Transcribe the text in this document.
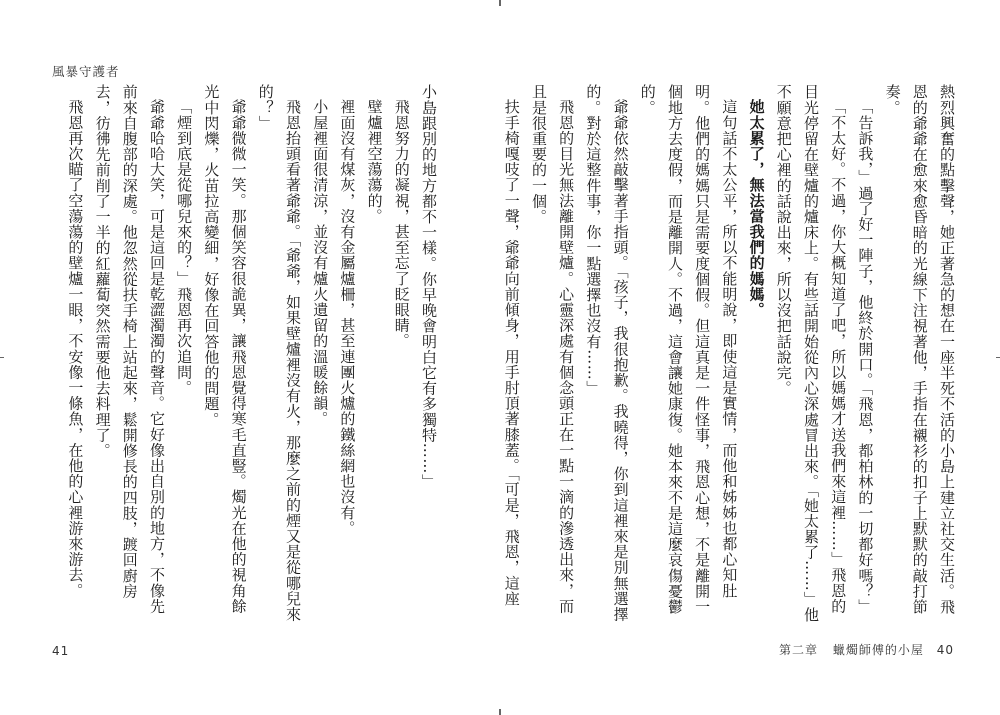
風暴守護者

小島跟別的地方都不一樣。你早晚會明白它有多獨特……」

飛恩努力的凝視，甚至忘了眨眼睛。

壁爐裡空蕩蕩的。

裡面沒有煤灰，沒有金屬爐柵，甚至連團火爐的鐵絲網也沒有。

小屋裡面很清涼，並沒有爐火遺留的溫暖餘韻。

飛恩抬頭看著爺爺。「爺爺，如果壁爐裡沒有火，那麼之前的煙又是從哪兒來的？」

爺爺微微一笑。那個笑容很詭異，讓飛恩覺得寒毛直豎。燭光在他的視角餘光中閃爍，火苗拉高變細，好像在回答他的問題。

「煙到底是從哪兒來的？」飛恩再次追問。

爺爺哈哈大笑，可是這回是乾澀濁濁的聲音。它好像出自別的地方，不像先前來自腹部的深處。他忽然從扶手椅上站起來，鬆開修長的四肢，踱回廚房去，彷彿先前削了一半的紅蘿蔔突然需要他去料理了。

飛恩再次瞄了空蕩蕩的壁爐一眼，不安像一條魚，在他的心裡游來游去。

41

熱烈興奮的點擊聲，她正著急的想在一座半死不活的小島上建立社交生活。飛恩的爺爺在愈來愈昏暗的光線下注視著他，手指在襯衫的扣子上默默的敲打節奏。

「告訴我，」過了好一陣子，他終於開口。「飛恩，都柏林的一切都好嗎？」

「不太好。不過，你大概知道了吧，所以媽媽才送我們來這裡……」飛恩的目光停留在壁爐的爐床上。有些話開始從內心深處冒出來。「她太累了……」他不願意把心裡的話說出來，所以沒把話說完。

她太累了，無法當我們的媽媽。

這句話不太公平，所以不能明說，即使這是實情，而他和姊姊也都心知肚明。他們的媽媽只是需要度個假。但這真是一件怪事，飛恩心想，不是離開一個地方去度假，而是離開人。不過，這會讓她康復。她本來不是這麼哀傷憂鬱的。

爺爺依然敲擊著手指頭。「孩子，我很抱歉。我曉得，你到這裡來是別無選擇的。對於這整件事，你一點選擇也沒有……」

飛恩的目光無法離開壁爐。心靈深處有個念頭正在一點一滴的滲透出來，而且是很重要的一個。

扶手椅嘎吱了一聲，爺爺向前傾身，用手肘頂著膝蓋。「可是，飛恩，這座

第二章 蠟燭師傅的小屋 40
